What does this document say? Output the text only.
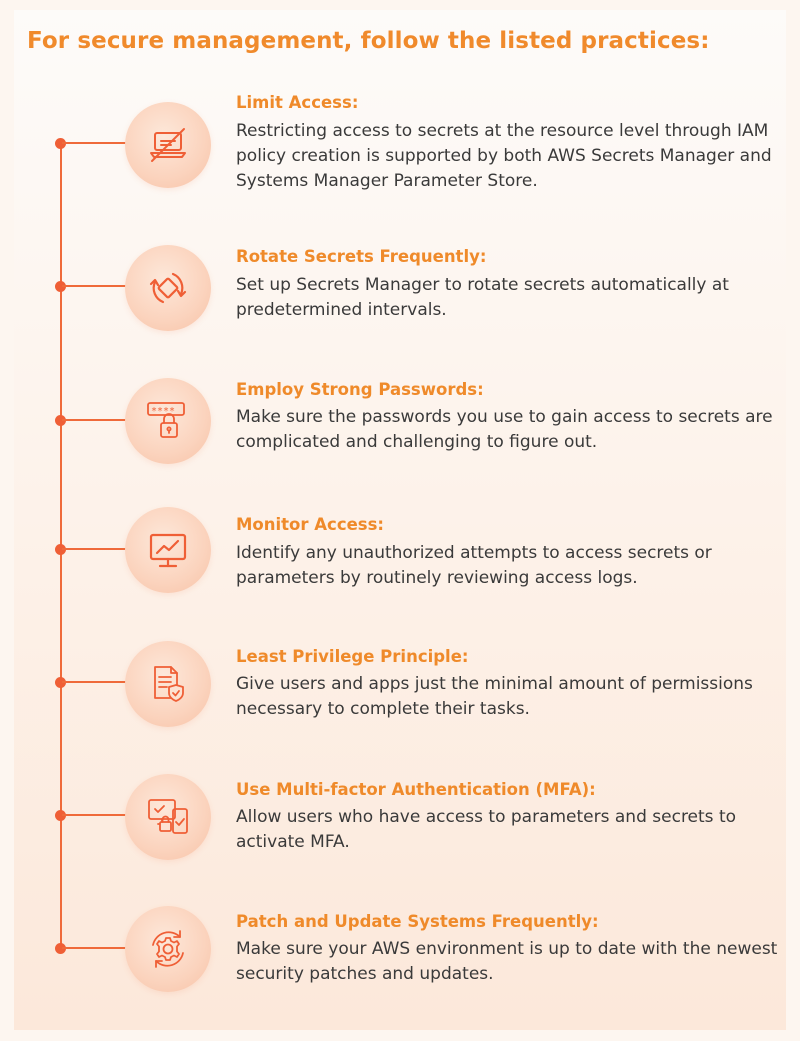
For secure management, follow the listed practices:
Limit Access:

Restricting access to secrets at the resource level through IAM policy creation is supported by both AWS Secrets Manager and Systems Manager Parameter Store.

Rotate Secrets Frequently:

Set up Secrets Manager to rotate secrets automatically at predetermined intervals.

****
Employ Strong Passwords:

Make sure the passwords you use to gain access to secrets are complicated and challenging to figure out.

Monitor Access:

Identify any unauthorized attempts to access secrets or parameters by routinely reviewing access logs.

Least Privilege Principle:

Give users and apps just the minimal amount of permissions necessary to complete their tasks.

Use Multi-factor Authentication (MFA):

Allow users who have access to parameters and secrets to activate MFA.

Patch and Update Systems Frequently:

Make sure your AWS environment is up to date with the newest security patches and updates.
